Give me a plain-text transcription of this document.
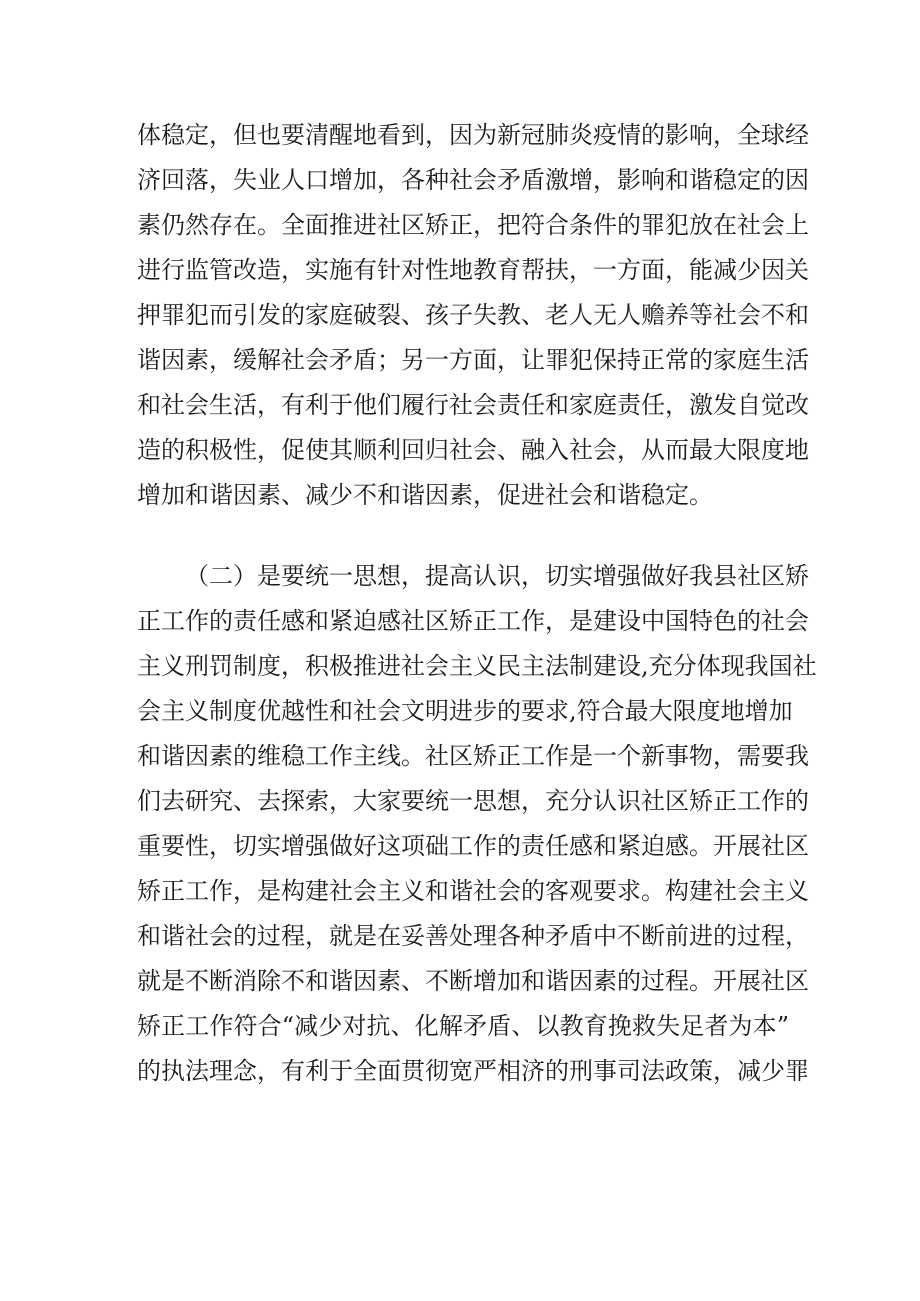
体稳定，但也要清醒地看到，因为新冠肺炎疫情的影响，全球经
济回落，失业人口增加，各种社会矛盾激增，影响和谐稳定的因
素仍然存在。全面推进社区矫正，把符合条件的罪犯放在社会上
进行监管改造，实施有针对性地教育帮扶，一方面，能减少因关
押罪犯而引发的家庭破裂、孩子失教、老人无人赡养等社会不和
谐因素，缓解社会矛盾；另一方面，让罪犯保持正常的家庭生活
和社会生活，有利于他们履行社会责任和家庭责任，激发自觉改
造的积极性，促使其顺利回归社会、融入社会，从而最大限度地
增加和谐因素、减少不和谐因素，促进社会和谐稳定。
（二）是要统一思想，提高认识，切实增强做好我县社区矫
正工作的责任感和紧迫感社区矫正工作，是建设中国特色的社会
主义刑罚制度，积极推进社会主义民主法制建设,充分体现我国社
会主义制度优越性和社会文明进步的要求,符合最大限度地增加
和谐因素的维稳工作主线。社区矫正工作是一个新事物，需要我
们去研究、去探索，大家要统一思想，充分认识社区矫正工作的
重要性，切实增强做好这项础工作的责任感和紧迫感。开展社区
矫正工作，是构建社会主义和谐社会的客观要求。构建社会主义
和谐社会的过程，就是在妥善处理各种矛盾中不断前进的过程，
就是不断消除不和谐因素、不断增加和谐因素的过程。开展社区
矫正工作符合“减少对抗、化解矛盾、以教育挽救失足者为本”
的执法理念，有利于全面贯彻宽严相济的刑事司法政策，减少罪
